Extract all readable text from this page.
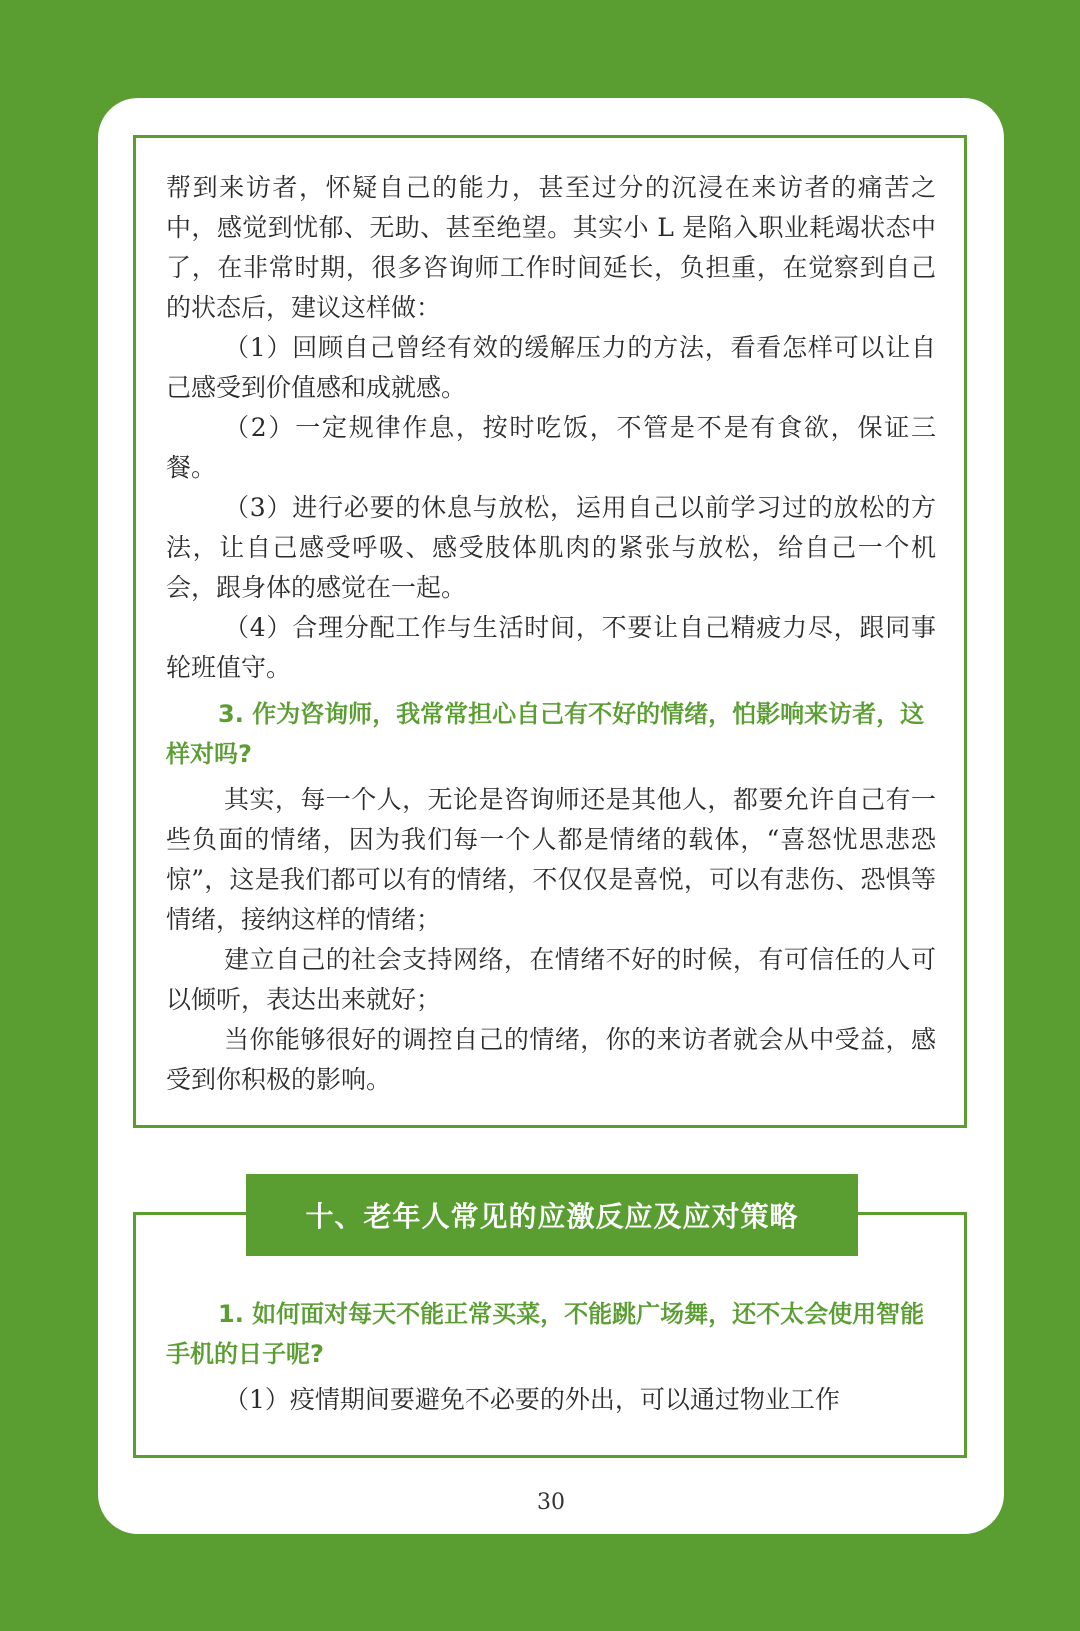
帮到来访者，怀疑自己的能力，甚至过分的沉浸在来访者的痛苦之中，感觉到忧郁、无助、甚至绝望。其实小 L 是陷入职业耗竭状态中了，在非常时期，很多咨询师工作时间延长，负担重，在觉察到自己的状态后，建议这样做：

（1）回顾自己曾经有效的缓解压力的方法，看看怎样可以让自己感受到价值感和成就感。

（2）一定规律作息，按时吃饭，不管是不是有食欲，保证三餐。

（3）进行必要的休息与放松，运用自己以前学习过的放松的方法，让自己感受呼吸、感受肢体肌肉的紧张与放松，给自己一个机会，跟身体的感觉在一起。

（4）合理分配工作与生活时间，不要让自己精疲力尽，跟同事轮班值守。

3. 作为咨询师，我常常担心自己有不好的情绪，怕影响来访者，这样对吗?

其实，每一个人，无论是咨询师还是其他人，都要允许自己有一些负面的情绪，因为我们每一个人都是情绪的载体，“喜怒忧思悲恐惊”，这是我们都可以有的情绪，不仅仅是喜悦，可以有悲伤、恐惧等情绪，接纳这样的情绪；

建立自己的社会支持网络，在情绪不好的时候，有可信任的人可以倾听，表达出来就好；

当你能够很好的调控自己的情绪，你的来访者就会从中受益，感受到你积极的影响。

十、老年人常见的应激反应及应对策略

1. 如何面对每天不能正常买菜，不能跳广场舞，还不太会使用智能手机的日子呢?

（1）疫情期间要避免不必要的外出，可以通过物业工作

30
